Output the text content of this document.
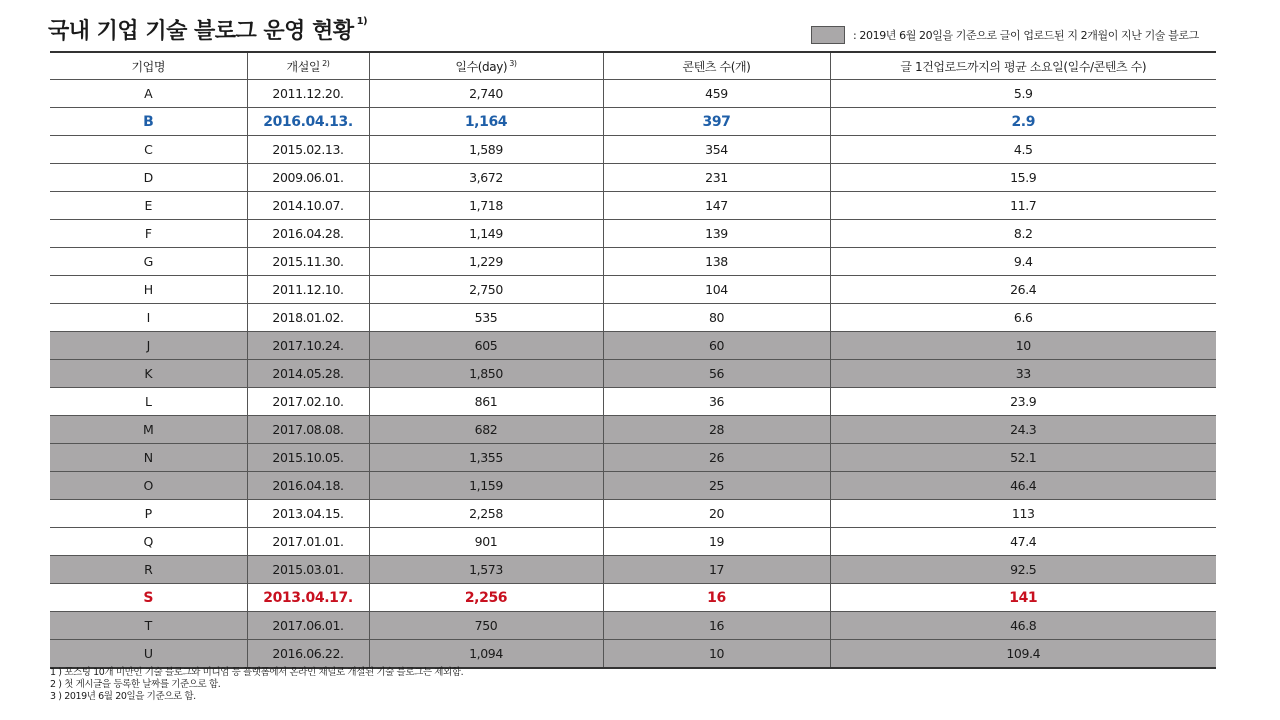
국내 기업 기술 블로그 운영 현황 $^{1)}$
: 2019년 6월 20일을 기준으로 글이 업로드된 지 2개월이 지난 기술 블로그
기업명	개설일 $^{2)}$	일수(day) $^{3)}$	콘텐츠 수(개)	글 1건업로드까지의 평균 소요일(일수/콘텐츠 수)
A	2011.12.20.	2,740	459	5.9
B	2016.04.13.	1,164	397	2.9
C	2015.02.13.	1,589	354	4.5
D	2009.06.01.	3,672	231	15.9
E	2014.10.07.	1,718	147	11.7
F	2016.04.28.	1,149	139	8.2
G	2015.11.30.	1,229	138	9.4
H	2011.12.10.	2,750	104	26.4
I	2018.01.02.	535	80	6.6
J	2017.10.24.	605	60	10
K	2014.05.28.	1,850	56	33
L	2017.02.10.	861	36	23.9
M	2017.08.08.	682	28	24.3
N	2015.10.05.	1,355	26	52.1
O	2016.04.18.	1,159	25	46.4
P	2013.04.15.	2,258	20	113
Q	2017.01.01.	901	19	47.4
R	2015.03.01.	1,573	17	92.5
S	2013.04.17.	2,256	16	141
T	2017.06.01.	750	16	46.8
U	2016.06.22.	1,094	10	109.4
1 ) 포스팅 10개 미만인 기술 블로그와 미디엄 등 플랫폼에서 온라인 채널로 개설된 기술 블로그는 제외함.
2 ) 첫 게시글을 등록한 날짜를 기준으로 함.
3 ) 2019년 6월 20일을 기준으로 함.
